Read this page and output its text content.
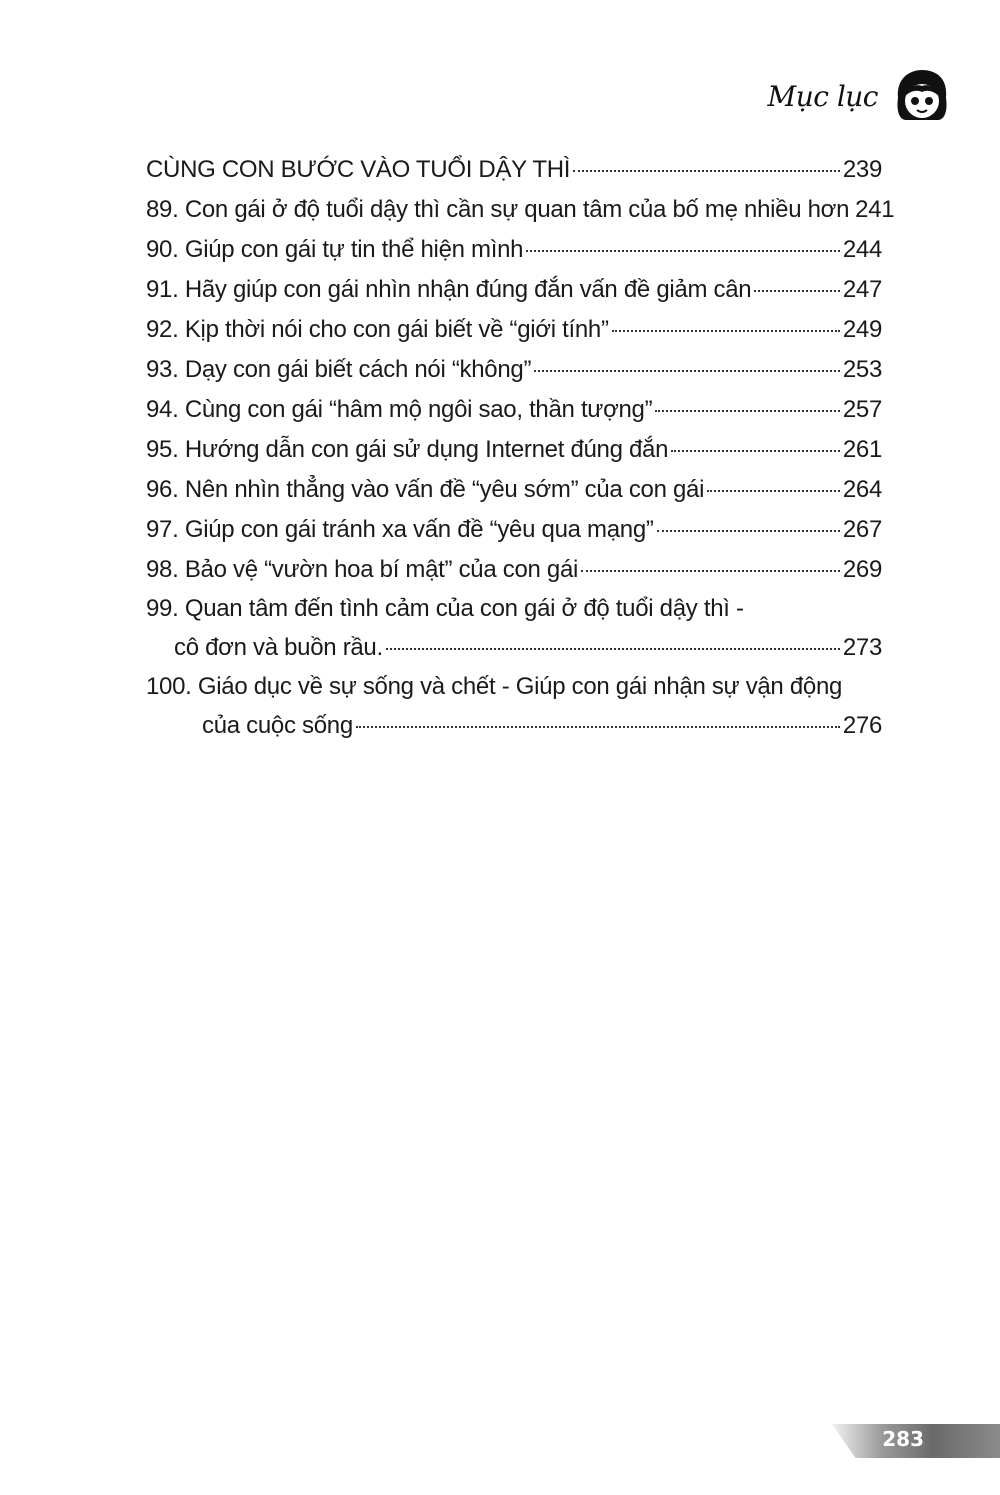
Mục lục
CÙNG CON BƯỚC VÀO TUỔI DẬY THÌ	239
89. Con gái ở độ tuổi dậy thì cần sự quan tâm của bố mẹ nhiều hơn 241
90. Giúp con gái tự tin thể hiện mình	244
91. Hãy giúp con gái nhìn nhận đúng đắn vấn đề giảm cân	247
92. Kịp thời nói cho con gái biết về “giới tính”	249
93. Dạy con gái biết cách nói “không”	253
94. Cùng con gái “hâm mộ ngôi sao, thần tượng”	257
95. Hướng dẫn con gái sử dụng Internet đúng đắn	261
96. Nên nhìn thẳng vào vấn đề “yêu sớm” của con gái	264
97. Giúp con gái tránh xa vấn đề “yêu qua mạng”	267
98. Bảo vệ “vườn hoa bí mật” của con gái	269
99. Quan tâm đến tình cảm của con gái ở độ tuổi dậy thì -
cô đơn và buồn rầu.	273
100. Giáo dục về sự sống và chết - Giúp con gái nhận sự vận động
của cuộc sống	276
283
